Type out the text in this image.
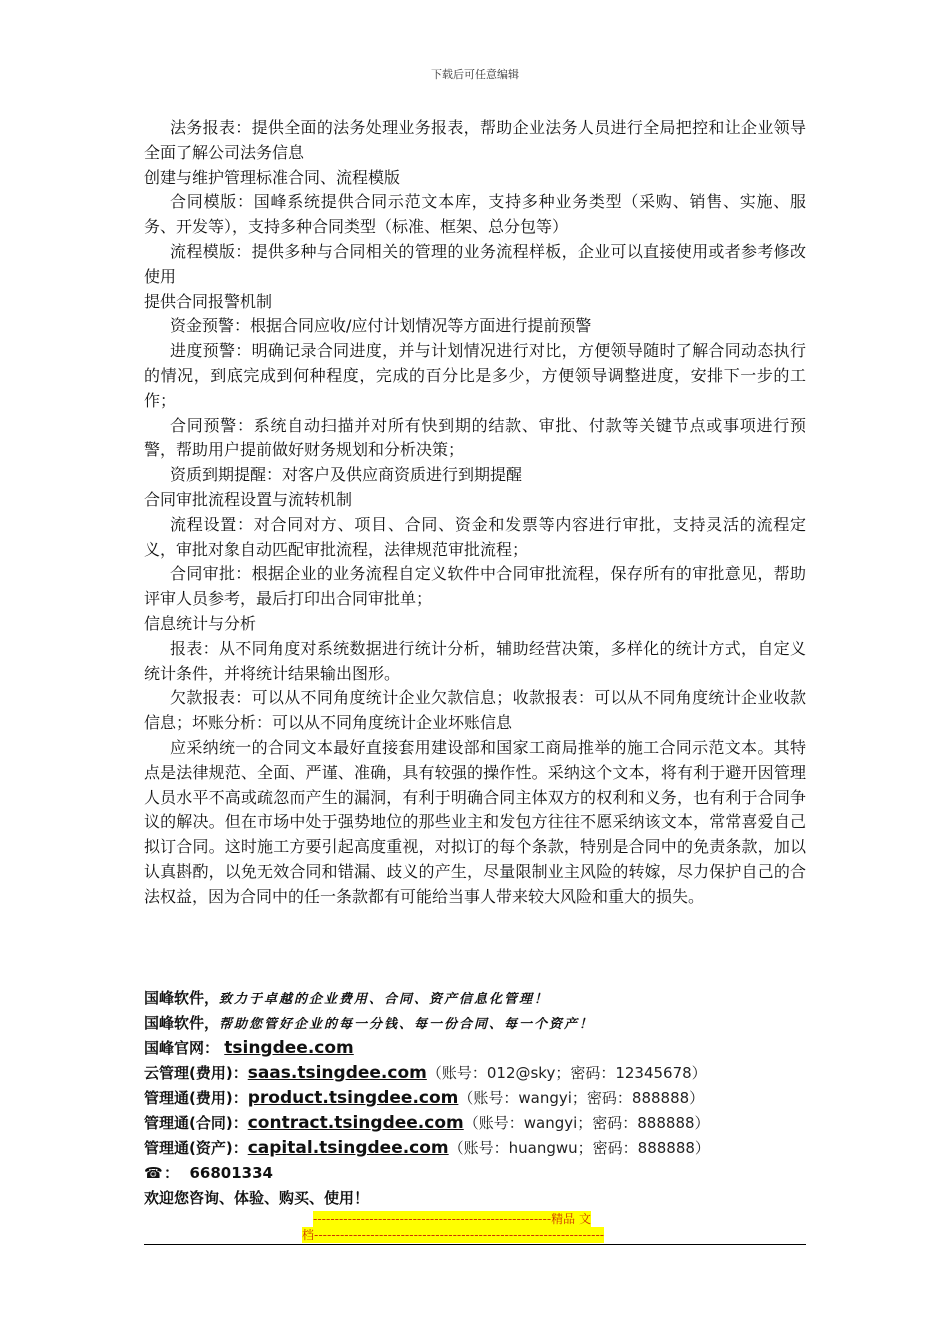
下载后可任意编辑

法务报表：提供全面的法务处理业务报表，帮助企业法务人员进行全局把控和让企业领导全面了解公司法务信息

创建与维护管理标准合同、流程模版

合同模版：国峰系统提供合同示范文本库，支持多种业务类型（采购、销售、实施、服务、开发等），支持多种合同类型（标准、框架、总分包等）

流程模版：提供多种与合同相关的管理的业务流程样板，企业可以直接使用或者参考修改使用

提供合同报警机制

资金预警：根据合同应收/应付计划情况等方面进行提前预警

进度预警：明确记录合同进度，并与计划情况进行对比，方便领导随时了解合同动态执行的情况，到底完成到何种程度，完成的百分比是多少，方便领导调整进度，安排下一步的工作；

合同预警：系统自动扫描并对所有快到期的结款、审批、付款等关键节点或事项进行预警，帮助用户提前做好财务规划和分析决策；

资质到期提醒：对客户及供应商资质进行到期提醒

合同审批流程设置与流转机制

流程设置：对合同对方、项目、合同、资金和发票等内容进行审批，支持灵活的流程定义，审批对象自动匹配审批流程，法律规范审批流程；

合同审批：根据企业的业务流程自定义软件中合同审批流程，保存所有的审批意见，帮助评审人员参考，最后打印出合同审批单；

信息统计与分析

报表：从不同角度对系统数据进行统计分析，辅助经营决策，多样化的统计方式，自定义统计条件，并将统计结果输出图形。

欠款报表：可以从不同角度统计企业欠款信息；收款报表：可以从不同角度统计企业收款信息；坏账分析：可以从不同角度统计企业坏账信息

应采纳统一的合同文本最好直接套用建设部和国家工商局推举的施工合同示范文本。其特点是法律规范、全面、严谨、准确，具有较强的操作性。采纳这个文本，将有利于避开因管理人员水平不高或疏忽而产生的漏洞，有利于明确合同主体双方的权利和义务，也有利于合同争议的解决。但在市场中处于强势地位的那些业主和发包方往往不愿采纳该文本，常常喜爱自己拟订合同。这时施工方要引起高度重视，对拟订的每个条款，特别是合同中的免责条款，加以认真斟酌，以免无效合同和错漏、歧义的产生，尽量限制业主风险的转嫁，尽力保护自己的合法权益，因为合同中的任一条款都有可能给当事人带来较大风险和重大的损失。

国峰软件，致力于卓越的企业费用、合同、资产信息化管理！
国峰软件，帮助您管好企业的每一分钱、每一份合同、每一个资产！
国峰官网： tsingdee.com
云管理(费用)：saas.tsingdee.com（账号：012@sky；密码：12345678）
管理通(费用)：product.tsingdee.com（账号：wangyi；密码：888888）
管理通(合同)：contract.tsingdee.com（账号：wangyi；密码：888888）
管理通(资产)：capital.tsingdee.com（账号：huangwu；密码：888888）
☎： 66801334
欢迎您咨询、体验、购买、使用！
-------------------------------------------------------精品 文
档-------------------------------------------------------------------
